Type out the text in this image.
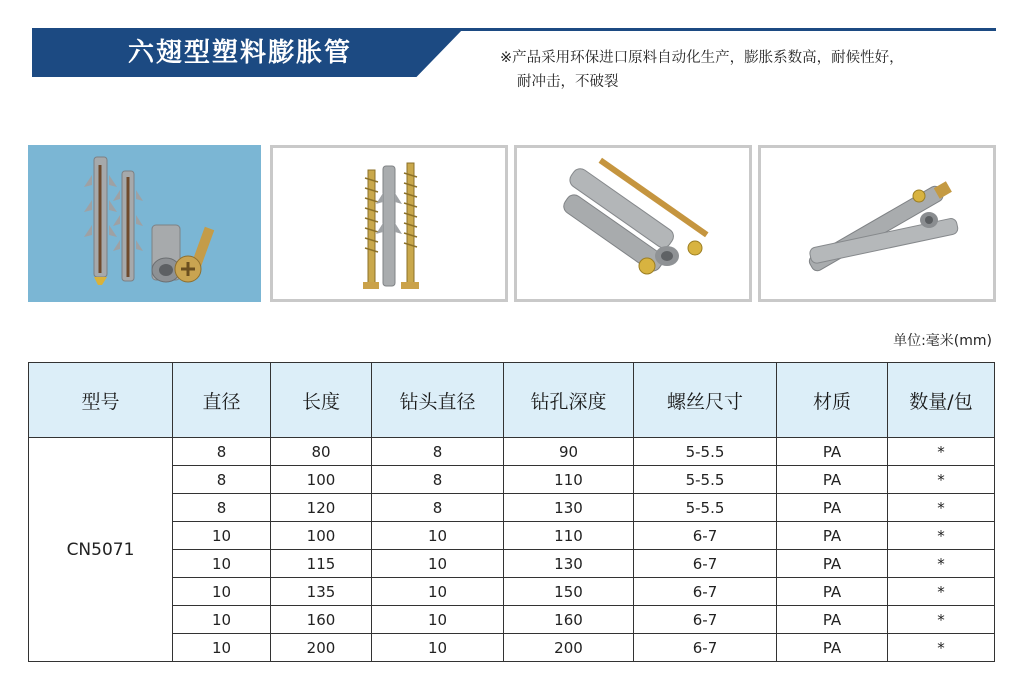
六翅型塑料膨胀管	※产品采用环保进口原料自动化生产，膨胀系数高，耐候性好，
耐冲击，不破裂
单位:毫米(mm)
型号	直径	长度	钻头直径	钻孔深度	螺丝尺寸	材质	数量/包
CN5071	8	80	8	90	5-5.5	PA	*
	8	100	8	110	5-5.5	PA	*
	8	120	8	130	5-5.5	PA	*
	10	100	10	110	6-7	PA	*
	10	115	10	130	6-7	PA	*
	10	135	10	150	6-7	PA	*
	10	160	10	160	6-7	PA	*
	10	200	10	200	6-7	PA	*
